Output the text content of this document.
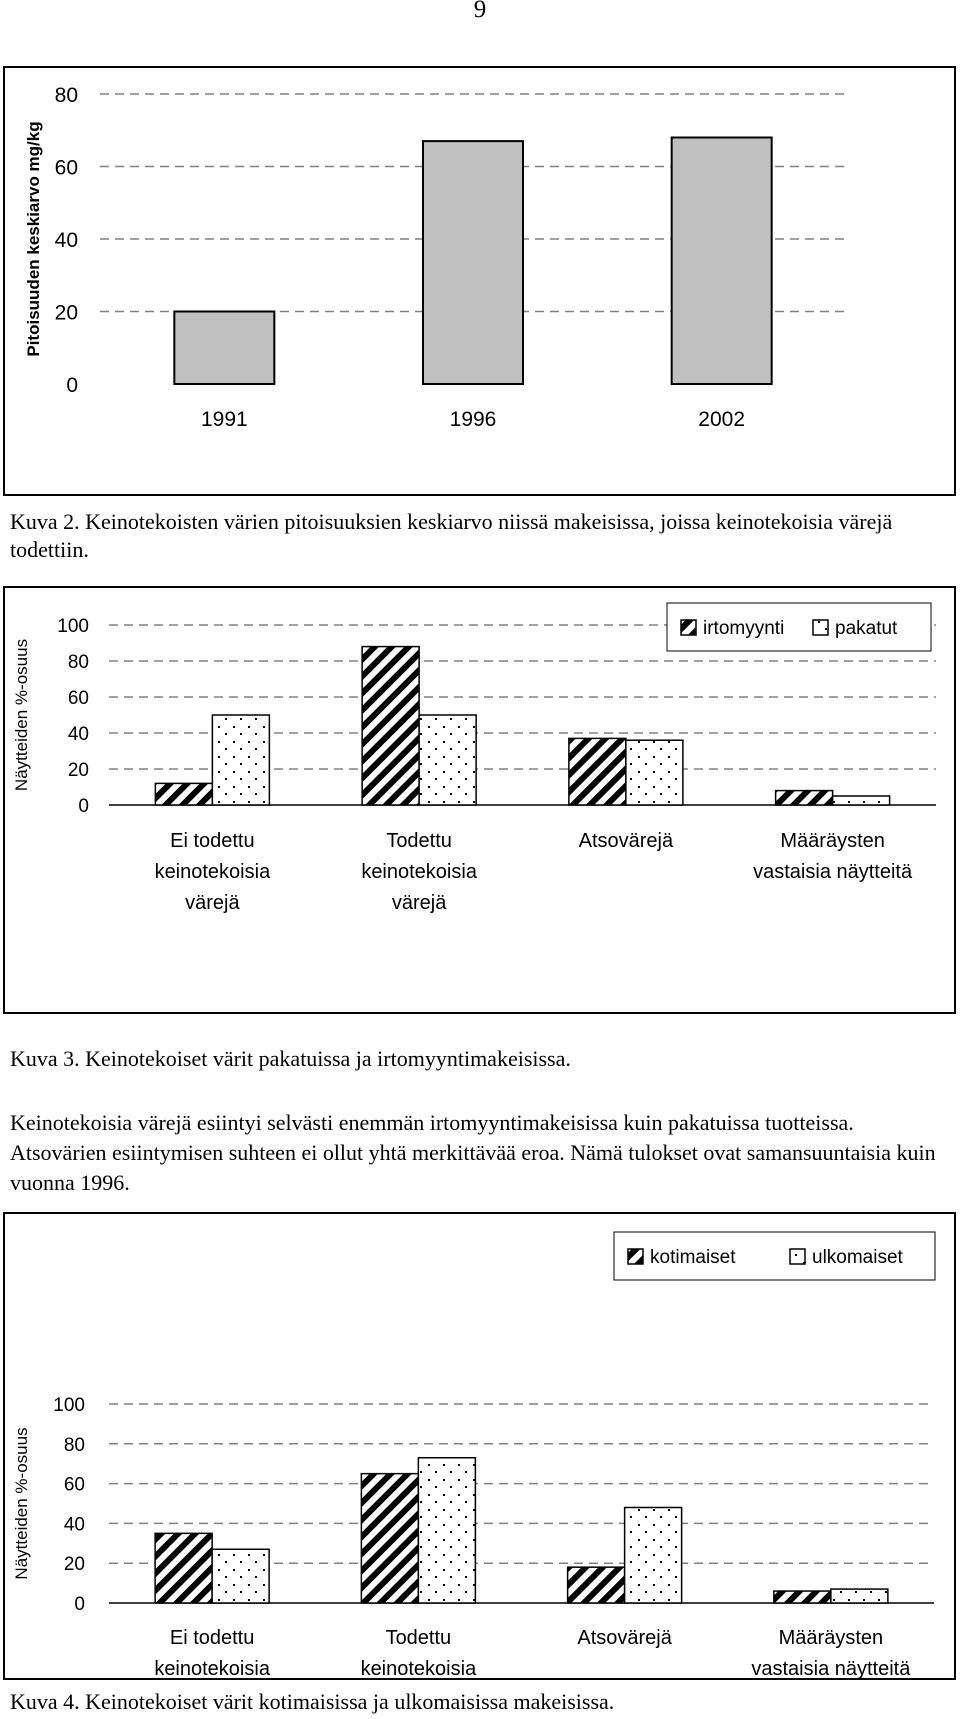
9
0
20
40
60
80
Pitoisuuden keskiarvo mg/kg
1991	1996	2002
Kuva 2. Keinotekoisten värien pitoisuuksien keskiarvo niissä makeisissa, joissa keinotekoisia värejä todettiin.
0
20
40
60
80
100
Näytteiden %-osuus
Ei todettu keinotekoisia värejä
Todettu keinotekoisia värejä
Atsovärejä	Määräysten vastaisia näytteitä
irtomyynti	pakatut
Kuva 3. Keinotekoiset värit pakatuissa ja irtomyyntimakeisissa.
Keinotekoisia värejä esiintyi selvästi enemmän irtomyyntimakeisissa kuin pakatuissa tuotteissa. Atsovärien esiintymisen suhteen ei ollut yhtä merkittävää eroa. Nämä tulokset ovat samansuuntaisia kuin vuonna 1996.
kotimaiset	ulkomaiset
0
20
40
60
80
100
Näytteiden %-osuus
Ei todettu keinotekoisia
Todettu keinotekoisia
Atsovärejä	Määräysten vastaisia näytteitä
Kuva 4. Keinotekoiset värit kotimaisissa ja ulkomaisissa makeisissa.
